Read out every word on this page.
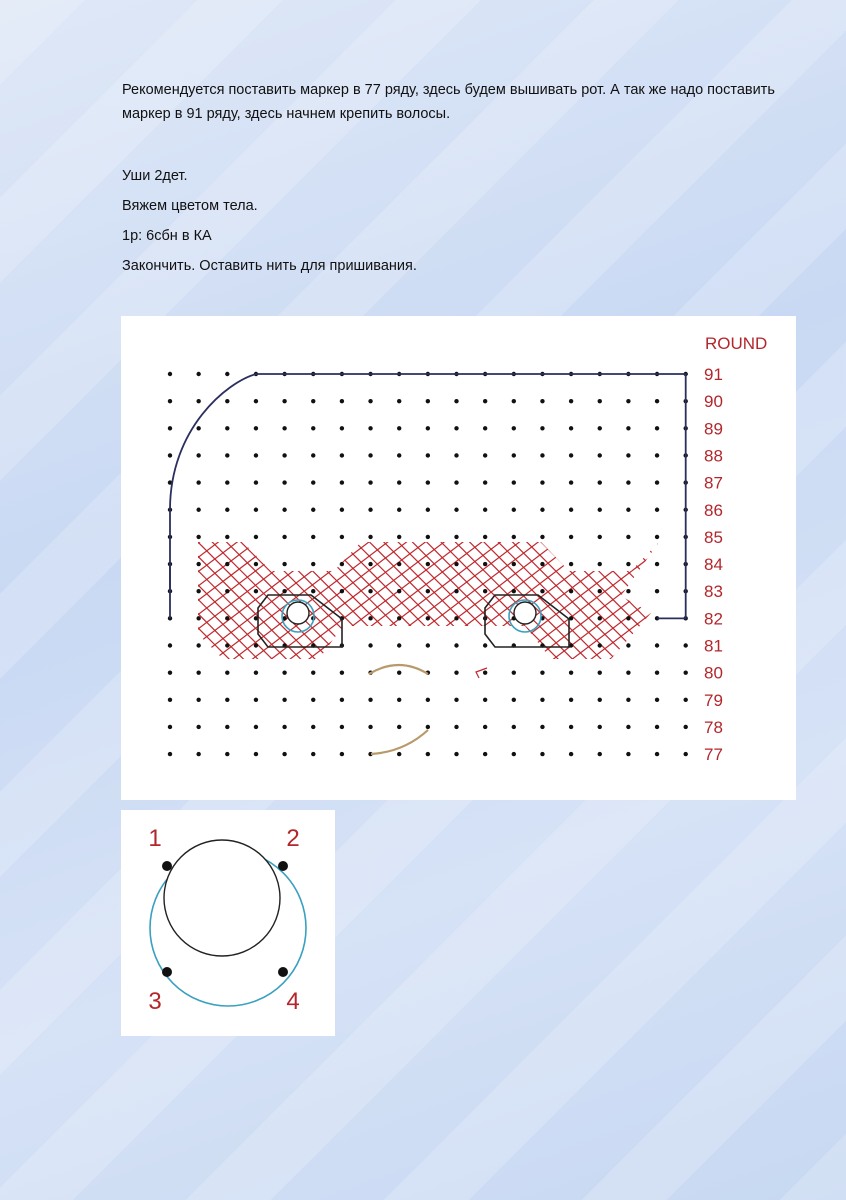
Рекомендуется поставить маркер в 77 ряду, здесь будем вышивать рот. А так же надо поставить маркер в 91 ряду, здесь начнем крепить волосы.

Уши 2дет.

Вяжем цветом тела.

1р: 6сбн в КА

Закончить. Оставить нить для пришивания.

ROUND
91
90
89
88
87
86
85
84
83
82
81
80
79
78
77
1	2
3	4
